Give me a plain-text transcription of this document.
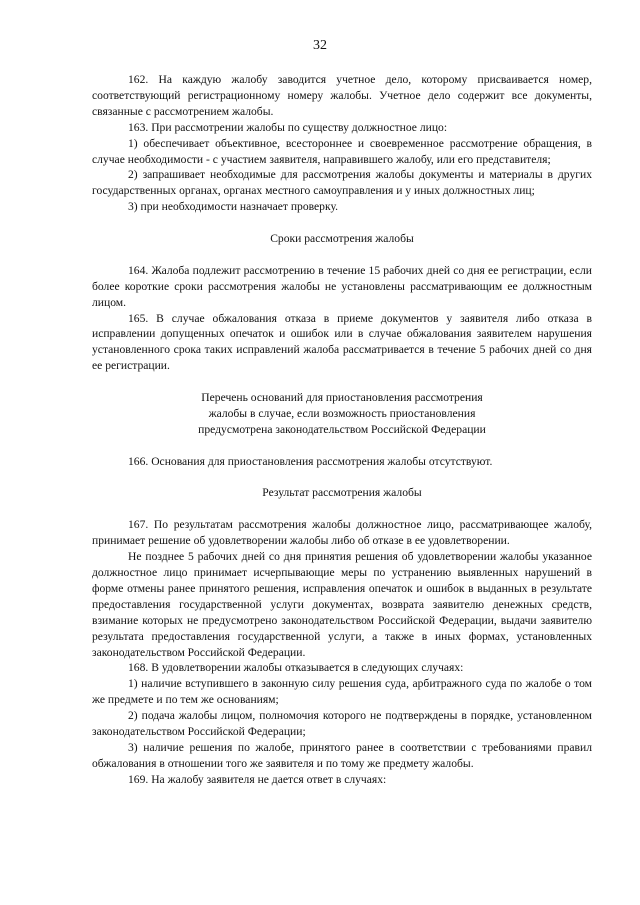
32

162. На каждую жалобу заводится учетное дело, которому присваивается номер, соответствующий регистрационному номеру жалобы. Учетное дело содержит все документы, связанные с рассмотрением жалобы.

163. При рассмотрении жалобы по существу должностное лицо:

1) обеспечивает объективное, всестороннее и своевременное рассмотрение обращения, в случае необходимости - с участием заявителя, направившего жалобу, или его представителя;

2) запрашивает необходимые для рассмотрения жалобы документы и материалы в других государственных органах, органах местного самоуправления и у иных должностных лиц;

3) при необходимости назначает проверку.

Сроки рассмотрения жалобы

164. Жалоба подлежит рассмотрению в течение 15 рабочих дней со дня ее регистрации, если более короткие сроки рассмотрения жалобы не установлены рассматривающим ее должностным лицом.

165. В случае обжалования отказа в приеме документов у заявителя либо отказа в исправлении допущенных опечаток и ошибок или в случае обжалования заявителем нарушения установленного срока таких исправлений жалоба рассматривается в течение 5 рабочих дней со дня ее регистрации.

Перечень оснований для приостановления рассмотрения
жалобы в случае, если возможность приостановления
предусмотрена законодательством Российской Федерации

166. Основания для приостановления рассмотрения жалобы отсутствуют.

Результат рассмотрения жалобы

167. По результатам рассмотрения жалобы должностное лицо, рассматривающее жалобу, принимает решение об удовлетворении жалобы либо об отказе в ее удовлетворении.

Не позднее 5 рабочих дней со дня принятия решения об удовлетворении жалобы указанное должностное лицо принимает исчерпывающие меры по устранению выявленных нарушений в форме отмены ранее принятого решения, исправления опечаток и ошибок в выданных в результате предоставления государственной услуги документах, возврата заявителю денежных средств, взимание которых не предусмотрено законодательством Российской Федерации, выдачи заявителю результата предоставления государственной услуги, а также в иных формах, установленных законодательством Российской Федерации.

168. В удовлетворении жалобы отказывается в следующих случаях:

1) наличие вступившего в законную силу решения суда, арбитражного суда по жалобе о том же предмете и по тем же основаниям;

2) подача жалобы лицом, полномочия которого не подтверждены в порядке, установленном законодательством Российской Федерации;

3) наличие решения по жалобе, принятого ранее в соответствии с требованиями правил обжалования в отношении того же заявителя и по тому же предмету жалобы.

169. На жалобу заявителя не дается ответ в случаях:
